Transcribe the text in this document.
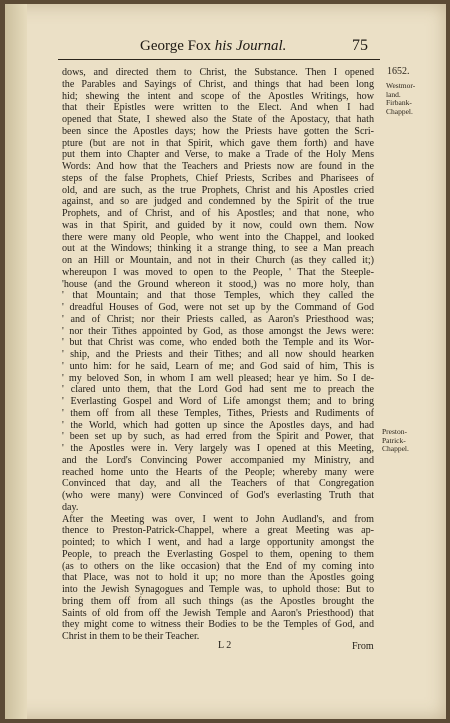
George Fox his Journal.	75
1652.
Westmor-
land.
Firbank-
Chappel.
Preston-
Patrick-
Chappel.
dows, and directed them to Christ, the Substance. Then I opened
the Parables and Sayings of Christ, and things that had been long
hid; shewing the intent and scope of the Apostles Writings, how
that their Epistles were written to the Elect. And when I had
opened that State, I shewed also the State of the Apostacy, that hath
been since the Apostles days; how the Priests have gotten the Scri-
pture (but are not in that Spirit, which gave them forth) and have
put them into Chapter and Verse, to make a Trade of the Holy Mens
Words: And how that the Teachers and Priests now are found in the
steps of the false Prophets, Chief Priests, Scribes and Pharisees of
old, and are such, as the true Prophets, Christ and his Apostles cried
against, and so are judged and condemned by the Spirit of the true
Prophets, and of Christ, and of his Apostles; and that none, who
was in that Spirit, and guided by it now, could own them. Now
there were many old People, who went into the Chappel, and looked
out at the Windows; thinking it a strange thing, to see a Man preach
on an Hill or Mountain, and not in their Church (as they called it;)
whereupon I was moved to open to the People, ' That the Steeple-
'house (and the Ground whereon it stood,) was no more holy, than
' that Mountain; and that those Temples, which they called the
' dreadful Houses of God, were not set up by the Command of God
' and of Christ; nor their Priests called, as Aaron's Priesthood was;
' nor their Tithes appointed by God, as those amongst the Jews were:
' but that Christ was come, who ended both the Temple and its Wor-
' ship, and the Priests and their Tithes; and all now should hearken
' unto him: for he said, Learn of me; and God said of him, This is
' my beloved Son, in whom I am well pleased; hear ye him. So I de-
' clared unto them, that the Lord God had sent me to preach the
' Everlasting Gospel and Word of Life amongst them; and to bring
' them off from all these Temples, Tithes, Priests and Rudiments of
' the World, which had gotten up since the Apostles days, and had
' been set up by such, as had erred from the Spirit and Power, that
' the Apostles were in. Very largely was I opened at this Meeting,
and the Lord's Convincing Power accompanied my Ministry, and
reached home unto the Hearts of the People; whereby many were
Convinced that day, and all the Teachers of that Congregation
(who were many) were Convinced of God's everlasting Truth that
day.
After the Meeting was over, I went to John Audland's, and from
thence to Preston-Patrick-Chappel, where a great Meeting was ap-
pointed; to which I went, and had a large opportunity amongst the
People, to preach the Everlasting Gospel to them, opening to them
(as to others on the like occasion) that the End of my coming into
that Place, was not to hold it up; no more than the Apostles going
into the Jewish Synagogues and Temple was, to uphold those: But to
bring them off from all such things (as the Apostles brought the
Saints of old from off the Jewish Temple and Aaron's Priesthood) that
they might come to witness their Bodies to be the Temples of God, and
Christ in them to be their Teacher.
L 2	From
